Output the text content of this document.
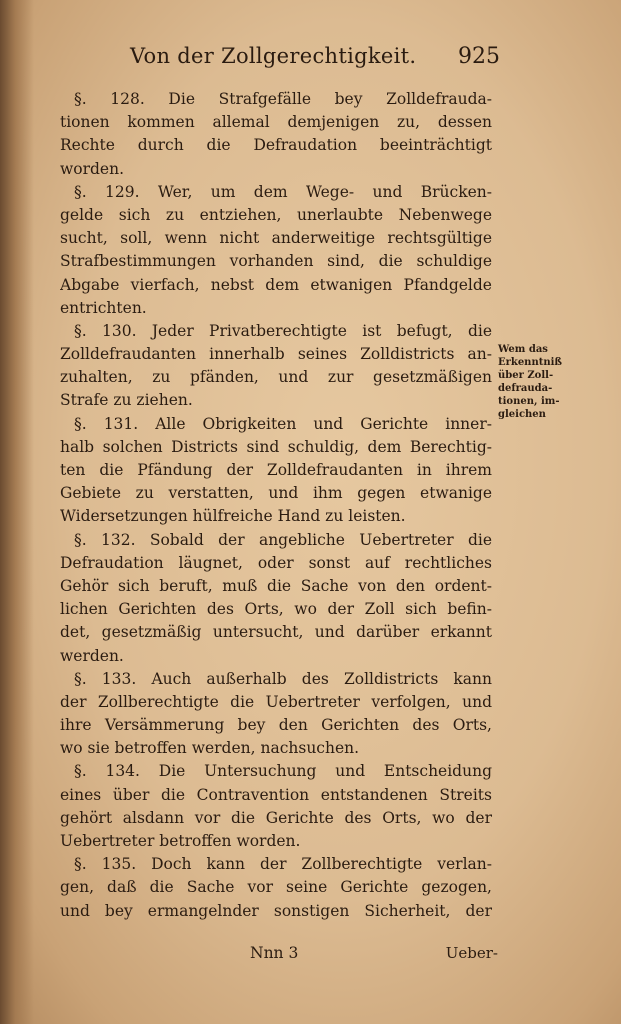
Von der Zollgerechtigkeit. 925
§. 128. Die Strafgefälle bey Zolldefrauda-
tionen kommen allemal demjenigen zu, dessen
Rechte durch die Defraudation beeinträchtigt
worden.
§. 129. Wer, um dem Wege- und Brücken-
gelde sich zu entziehen, unerlaubte Nebenwege
sucht, soll, wenn nicht anderweitige rechtsgültige
Strafbestimmungen vorhanden sind, die schuldige
Abgabe vierfach, nebst dem etwanigen Pfandgelde
entrichten.
§. 130. Jeder Privatberechtigte ist befugt, die
Zolldefraudanten innerhalb seines Zolldistricts an-
zuhalten, zu pfänden, und zur gesetzmäßigen
Strafe zu ziehen.
§. 131. Alle Obrigkeiten und Gerichte inner-
halb solchen Districts sind schuldig, dem Berechtig-
ten die Pfändung der Zolldefraudanten in ihrem
Gebiete zu verstatten, und ihm gegen etwanige
Widersetzungen hülfreiche Hand zu leisten.
§. 132. Sobald der angebliche Uebertreter die
Defraudation läugnet, oder sonst auf rechtliches
Gehör sich beruft, muß die Sache von den ordent-
lichen Gerichten des Orts, wo der Zoll sich befin-
det, gesetzmäßig untersucht, und darüber erkannt
werden.
§. 133. Auch außerhalb des Zolldistricts kann
der Zollberechtigte die Uebertreter verfolgen, und
ihre Versämmerung bey den Gerichten des Orts,
wo sie betroffen werden, nachsuchen.
§. 134. Die Untersuchung und Entscheidung
eines über die Contravention entstandenen Streits
gehört alsdann vor die Gerichte des Orts, wo der
Uebertreter betroffen worden.
§. 135. Doch kann der Zollberechtigte verlan-
gen, daß die Sache vor seine Gerichte gezogen,
und bey ermangelnder sonstigen Sicherheit, der
Wem das
Erkenntniß
über Zoll-
defrauda-
tionen, im-
gleichen
Nnn 3	Ueber-
